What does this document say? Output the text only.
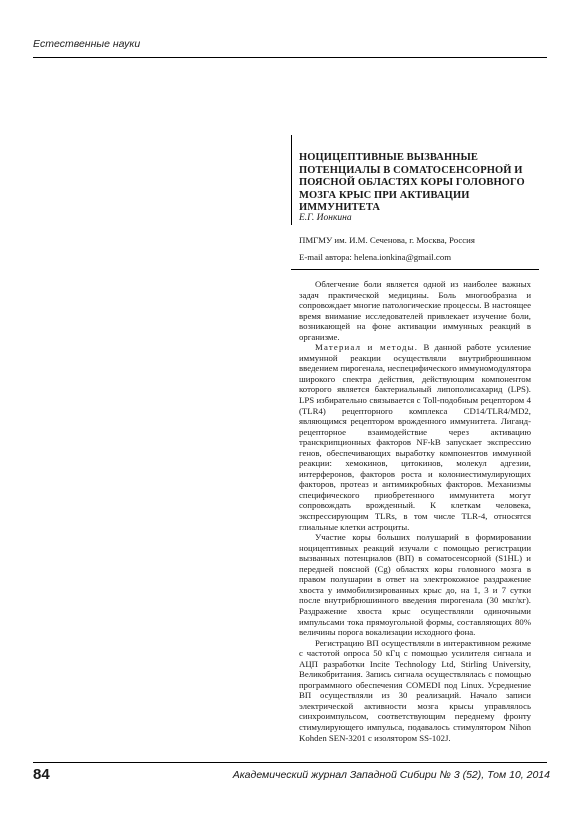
Естественные науки
НОЦИЦЕПТИВНЫЕ ВЫЗВАННЫЕ
ПОТЕНЦИАЛЫ В СОМАТОСЕНСОРНОЙ И
ПОЯСНОЙ ОБЛАСТЯХ КОРЫ ГОЛОВНОГО
МОЗГА КРЫС ПРИ АКТИВАЦИИ
ИММУНИТЕТА
Е.Г. Ионкина
ПМГМУ им. И.М. Сеченова, г. Москва, Россия
E-mail автора: helena.ionkina@gmail.com

Облегчение боли является одной из наиболее важных задач практической медицины. Боль многообразна и сопровождает многие патологические процессы. В настоящее время внимание исследователей привлекает изучение боли, возникающей на фоне активации иммунных реакций в организме.

Материал и методы. В данной работе усиление иммунной реакции осуществляли внутрибрюшинном введением пирогенала, неспецифического иммуномодулятора широкого спектра действия, действующим компонентом которого является бактериальный липополисахарид (LPS). LPS избирательно связывается с Toll-подобным рецептором 4 (TLR4) рецепторного комплекса CD14/TLR4/MD2, являющимся рецептором врожденного иммунитета. Лиганд-рецепторное взаимодействие через активацию транскрипционных факторов NF-kB запускает экспрессию генов, обеспечивающих выработку компонентов иммунной реакции: хемокинов, цитокинов, молекул адгезии, интерферонов, факторов роста и колониестимулирующих факторов, протеаз и антимикробных факторов. Механизмы специфического приобретенного иммунитета могут сопровождать врожденный. К клеткам человека, экспрессирующим TLRs, в том числе TLR-4, относятся глиальные клетки астроциты.

Участие коры больших полушарий в формировании ноцицептивных реакций изучали с помощью регистрации вызванных потенциалов (ВП) в соматосенсорной (S1HL) и передней поясной (Cg) областях коры головного мозга в правом полушарии в ответ на электрокожное раздражение хвоста у иммобилизированных крыс до, на 1, 3 и 7 сутки после внутрибрюшинного введения пирогенала (30 мкг/кг). Раздражение хвоста крыс осуществляли одиночными импульсами тока прямоугольной формы, составляющих 80% величины порога вокализации исходного фона.

Регистрацию ВП осуществляли в интерактивном режиме с частотой опроса 50 кГц с помощью усилителя сигнала и АЦП разработки Incite Technology Ltd, Stirling University, Великобритания. Запись сигнала осуществлялась с помощью программного обеспечения COMEDI под Linux. Усреднение ВП осуществляли из 30 реализаций. Начало записи электрической активности мозга крысы управлялось синхроимпульсом, соответствующим переднему фронту стимулирующего импульса, подавалось стимулятором Nihon Kohden SEN-3201 с изолятором SS-102J.

84	Академический журнал Западной Сибири № 3 (52), Том 10, 2014
